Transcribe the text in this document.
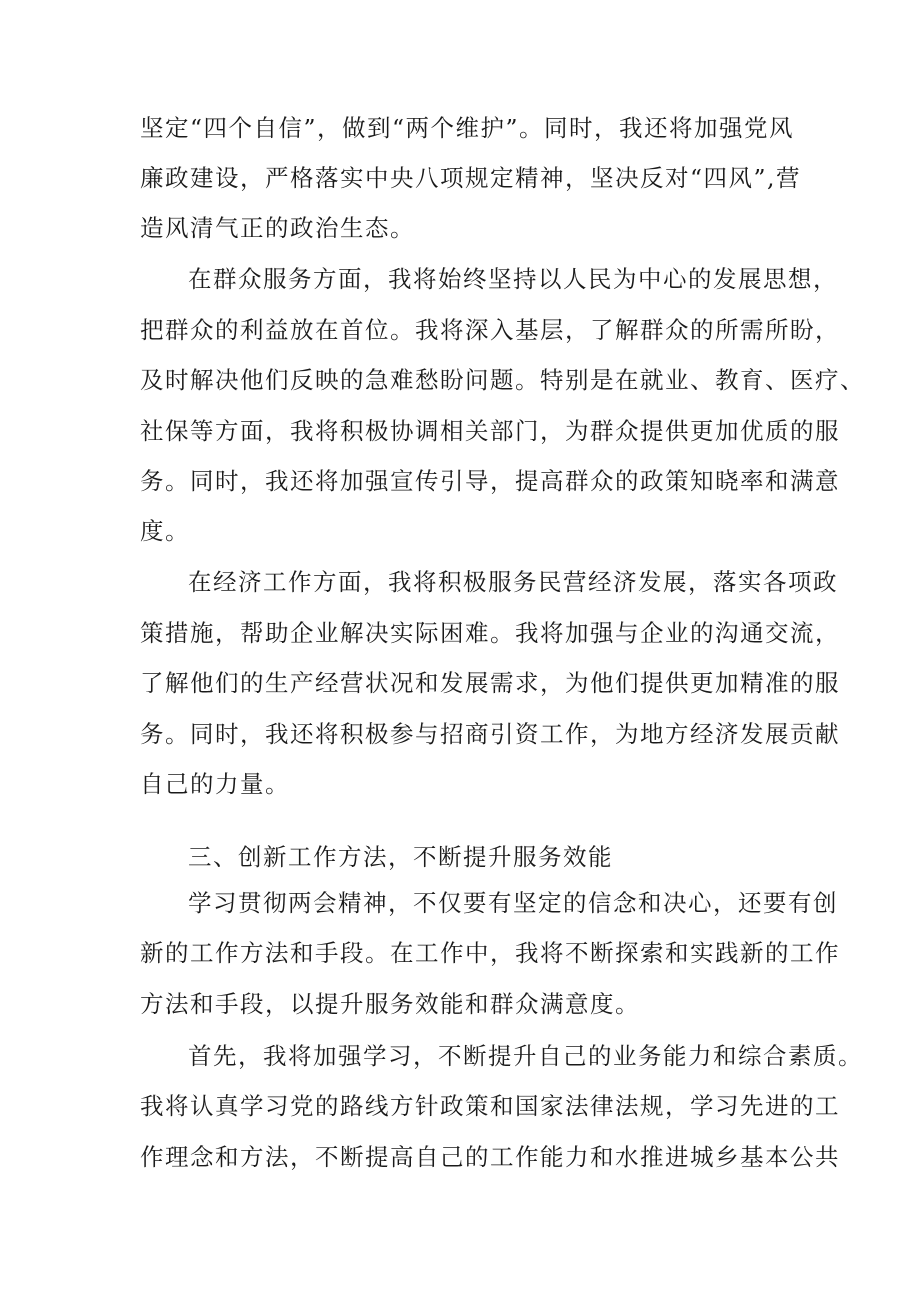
坚定“四个自信”，做到“两个维护”。同时，我还将加强党风
廉政建设，严格落实中央八项规定精神，坚决反对“四风”,营
造风清气正的政治生态。
在群众服务方面，我将始终坚持以人民为中心的发展思想，
把群众的利益放在首位。我将深入基层，了解群众的所需所盼，
及时解决他们反映的急难愁盼问题。特别是在就业、教育、医疗、
社保等方面，我将积极协调相关部门，为群众提供更加优质的服
务。同时，我还将加强宣传引导，提高群众的政策知晓率和满意
度。
在经济工作方面，我将积极服务民营经济发展，落实各项政
策措施，帮助企业解决实际困难。我将加强与企业的沟通交流，
了解他们的生产经营状况和发展需求，为他们提供更加精准的服
务。同时，我还将积极参与招商引资工作，为地方经济发展贡献
自己的力量。
三、创新工作方法，不断提升服务效能
学习贯彻两会精神，不仅要有坚定的信念和决心，还要有创
新的工作方法和手段。在工作中，我将不断探索和实践新的工作
方法和手段，以提升服务效能和群众满意度。
首先，我将加强学习，不断提升自己的业务能力和综合素质。
我将认真学习党的路线方针政策和国家法律法规，学习先进的工
作理念和方法，不断提高自己的工作能力和水推进城乡基本公共
